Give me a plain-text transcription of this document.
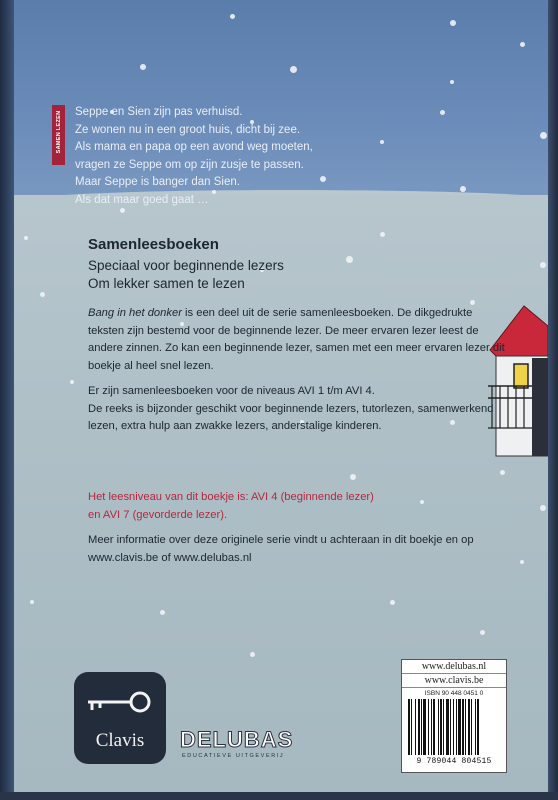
SAMEN LEZEN Seppe en Sien zijn pas verhuisd.

Ze wonen nu in een groot huis, dicht bij zee.

Als mama en papa op een avond weg moeten,

vragen ze Seppe om op zijn zusje te passen.

Maar Seppe is banger dan Sien.

Als dat maar goed gaat …

Samenleesboeken

Speciaal voor beginnende lezers

Om lekker samen te lezen

Bang in het donker is een deel uit de serie samenleesboeken. De dikgedrukte teksten zijn bestemd voor de beginnende lezer. De meer ervaren lezer leest de andere zinnen. Zo kan een beginnende lezer, samen met een meer ervaren lezer dit boekje al heel snel lezen.

Er zijn samenleesboeken voor de niveaus AVI 1 t/m AVI 4.
De reeks is bijzonder geschikt voor beginnende lezers, tutorlezen, samenwerkend lezen, extra hulp aan zwakke lezers, anderstalige kinderen.

Het leesniveau van dit boekje is: AVI 4 (beginnende lezer)
en AVI 7 (gevorderde lezer).
Meer informatie over deze originele serie vindt u achteraan in dit boekje en op www.clavis.be of www.delubas.nl
Clavis	DELUBAS
EDUCATIEVE UITGEVERIJ
www.delubas.nl
www.clavis.be
ISBN 90 448 0451 0
9 789044 804515
